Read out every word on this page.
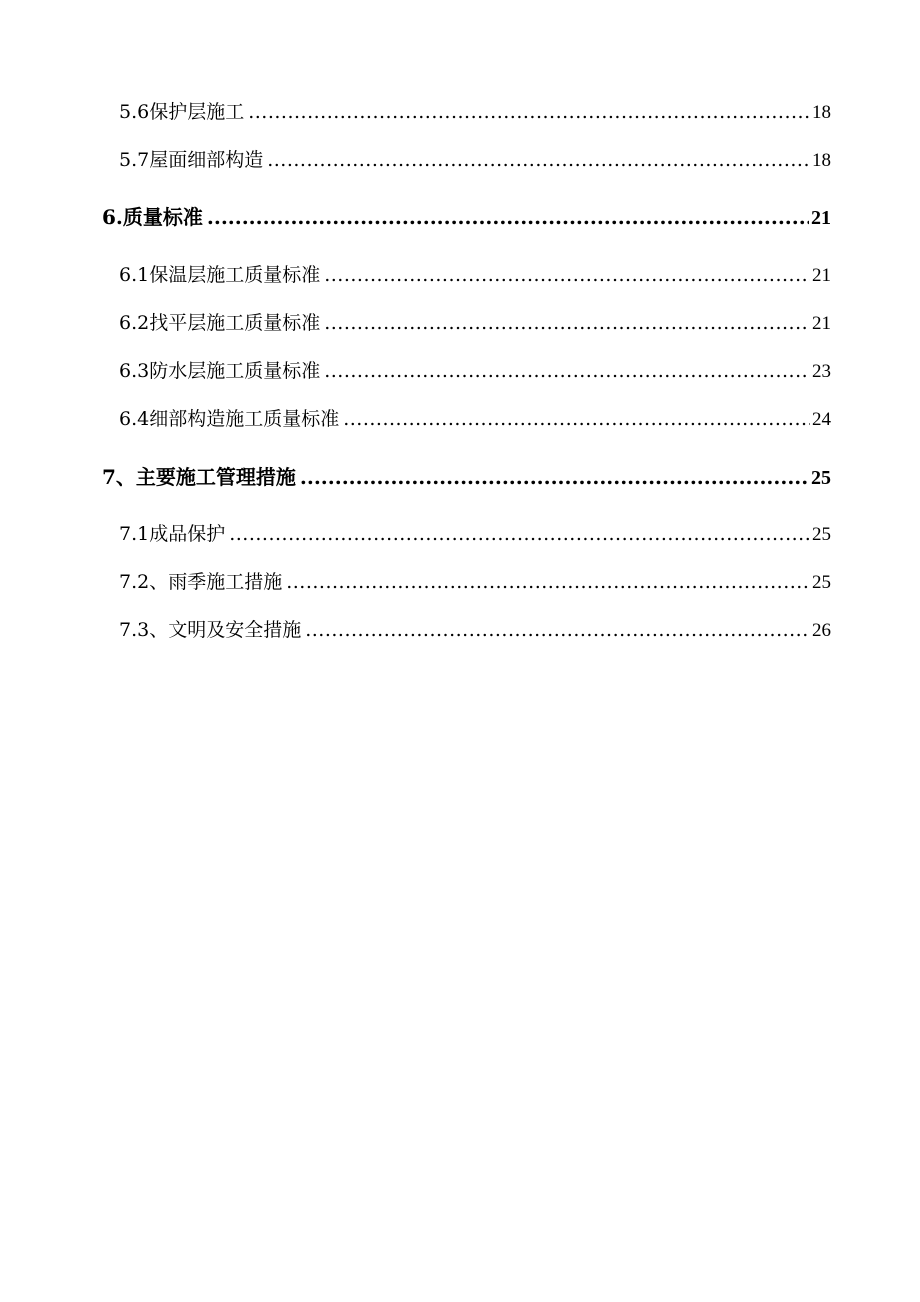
5.6保护层施工 .....	18
5.7屋面细部构造 .....	18
6.质量标准 .....	21
6.1保温层施工质量标准 .....	21
6.2找平层施工质量标准 .....	21
6.3防水层施工质量标准 .....	23
6.4细部构造施工质量标准 .....	24
7、主要施工管理措施 .....	25
7.1成品保护 .....	25
7.2、雨季施工措施 .....	25
7.3、文明及安全措施 .....	26
